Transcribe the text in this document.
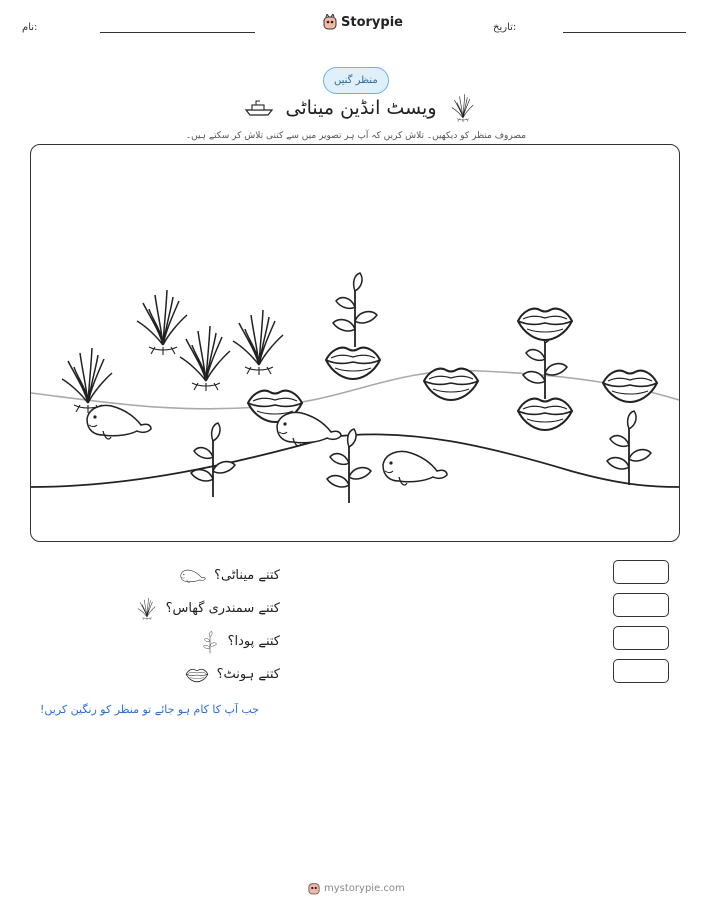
نام:	Storypie	تاریخ:
منظر گنیں
ویسٹ انڈین میناٹی
مصروف منظر کو دیکھیں۔ تلاش کریں کہ آپ ہر تصویر میں سے کتنی تلاش کر سکتے ہیں۔
کتنے میناٹی؟
کتنے سمندری گھاس؟
کتنے پودا؟
کتنے ہونٹ؟
جب آپ کا کام ہو جائے تو منظر کو رنگین کریں!
mystorypie.com
